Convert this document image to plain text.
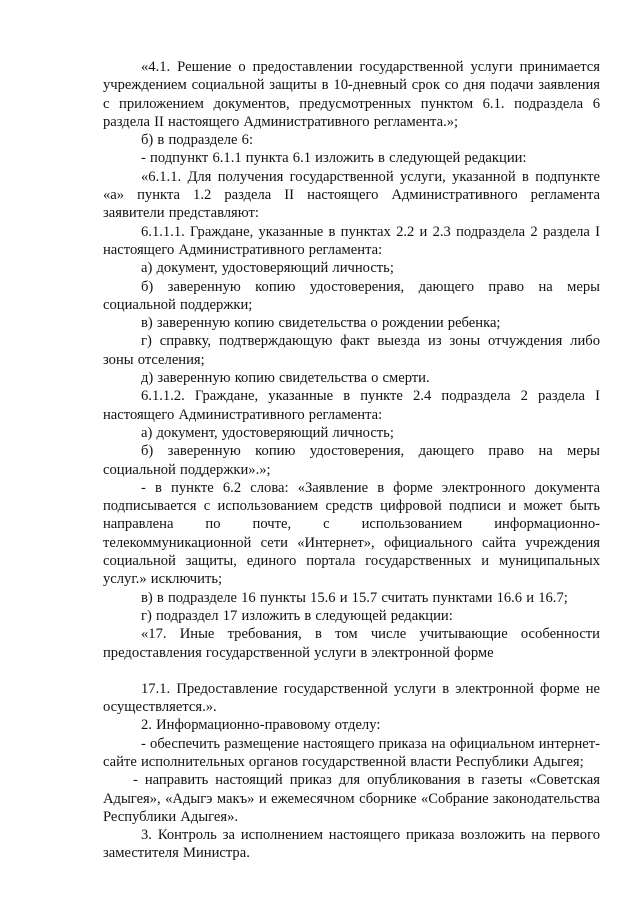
«4.1. Решение о предоставлении государственной услуги принимается учреждением социальной защиты в 10-дневный срок со дня подачи заявления с приложением документов, предусмотренных пунктом 6.1. подраздела 6 раздела II настоящего Административного регламента.»;

б) в подразделе 6:

- подпункт 6.1.1 пункта 6.1 изложить в следующей редакции:

«6.1.1. Для получения государственной услуги, указанной в подпункте «а» пункта 1.2 раздела II настоящего Административного регламента заявители представляют:

6.1.1.1. Граждане, указанные в пунктах 2.2 и 2.3 подраздела 2 раздела I настоящего Административного регламента:

а) документ, удостоверяющий личность;

б) заверенную копию удостоверения, дающего право на меры социальной поддержки;

в) заверенную копию свидетельства о рождении ребенка;

г) справку, подтверждающую факт выезда из зоны отчуждения либо зоны отселения;

д) заверенную копию свидетельства о смерти.

6.1.1.2. Граждане, указанные в пункте 2.4 подраздела 2 раздела I настоящего Административного регламента:

а) документ, удостоверяющий личность;

б) заверенную копию удостоверения, дающего право на меры социальной поддержки».»;

- в пункте 6.2 слова: «Заявление в форме электронного документа подписывается с использованием средств цифровой подписи и может быть направлена по почте, с использованием информационно-телекоммуникационной сети «Интернет», официального сайта учреждения социальной защиты, единого портала государственных и муниципальных услуг.» исключить;

в) в подразделе 16 пункты 15.6 и 15.7 считать пунктами 16.6 и 16.7;

г) подраздел 17 изложить в следующей редакции:

«17. Иные требования, в том числе учитывающие особенности предоставления государственной услуги в электронной форме

17.1. Предоставление государственной услуги в электронной форме не осуществляется.».

2. Информационно-правовому отделу:

- обеспечить размещение настоящего приказа на официальном интернет-сайте исполнительных органов государственной власти Республики Адыгея;

- направить настоящий приказ для опубликования в газеты «Советская Адыгея», «Адыгэ макъ» и ежемесячном сборнике «Собрание законодательства Республики Адыгея».

3. Контроль за исполнением настоящего приказа возложить на первого заместителя Министра.
